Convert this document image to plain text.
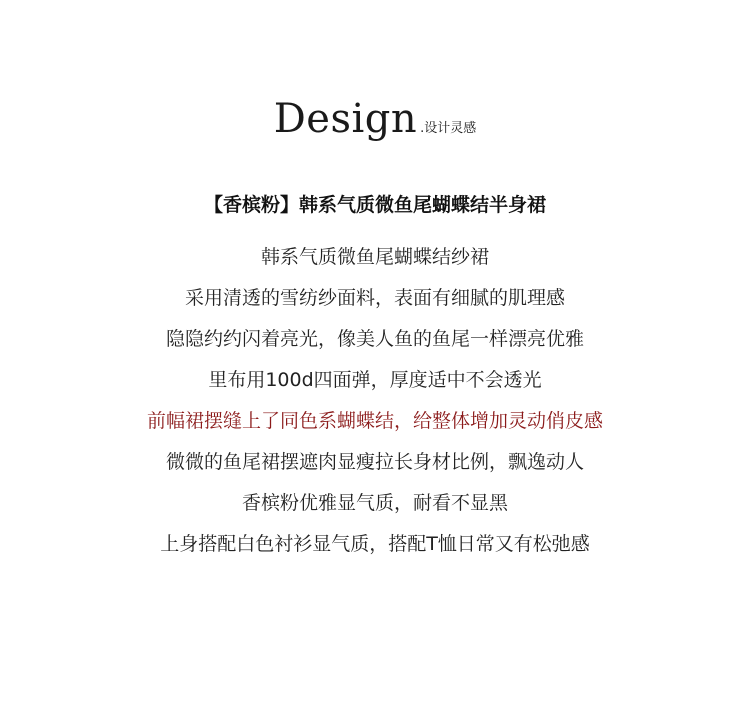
Design .设计灵感
【香槟粉】韩系气质微鱼尾蝴蝶结半身裙
韩系气质微鱼尾蝴蝶结纱裙
采用清透的雪纺纱面料，表面有细腻的肌理感
隐隐约约闪着亮光，像美人鱼的鱼尾一样漂亮优雅
里布用100d四面弹，厚度适中不会透光
前幅裙摆缝上了同色系蝴蝶结，给整体增加灵动俏皮感
微微的鱼尾裙摆遮肉显瘦拉长身材比例，飘逸动人
香槟粉优雅显气质，耐看不显黑
上身搭配白色衬衫显气质，搭配T恤日常又有松弛感
